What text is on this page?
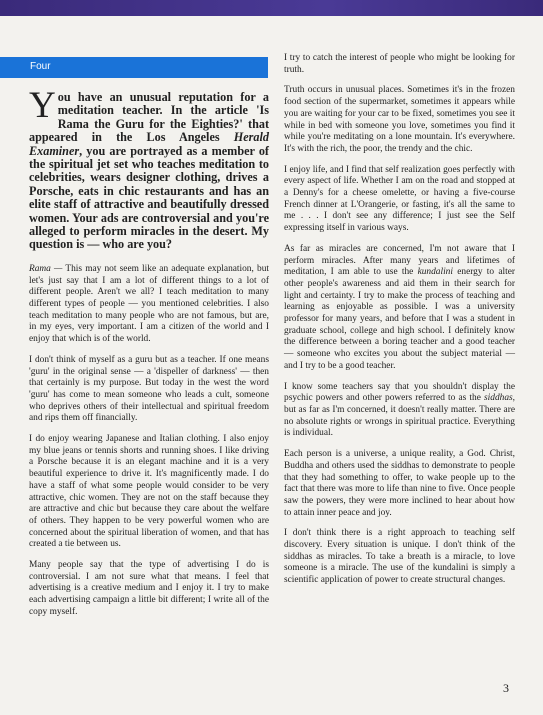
Four

You have an unusual reputation for a meditation teacher. In the article 'Is Rama the Guru for the Eighties?' that appeared in the Los Angeles Herald Examiner, you are portrayed as a member of the spiritual jet set who teaches meditation to celebrities, wears designer clothing, drives a Porsche, eats in chic restaurants and has an elite staff of attractive and beautifully dressed women. Your ads are controversial and you're alleged to perform miracles in the desert. My question is — who are you?

Rama — This may not seem like an adequate explanation, but let's just say that I am a lot of different things to a lot of different people. Aren't we all? I teach meditation to many different types of people — you mentioned celebrities. I also teach meditation to many people who are not famous, but are, in my eyes, very important. I am a citizen of the world and I enjoy that which is of the world.

I don't think of myself as a guru but as a teacher. If one means 'guru' in the original sense — a 'dispeller of darkness' — then that certainly is my purpose. But today in the west the word 'guru' has come to mean someone who leads a cult, someone who deprives others of their intellectual and spiritual freedom and rips them off financially.

I do enjoy wearing Japanese and Italian clothing. I also enjoy my blue jeans or tennis shorts and running shoes. I like driving a Porsche because it is an elegant machine and it is a very beautiful experience to drive it. It's magnificently made. I do have a staff of what some people would consider to be very attractive, chic women. They are not on the staff because they are attractive and chic but because they care about the welfare of others. They happen to be very powerful women who are concerned about the spiritual liberation of women, and that has created a tie between us.

Many people say that the type of advertising I do is controversial. I am not sure what that means. I feel that advertising is a creative medium and I enjoy it. I try to make each advertising campaign a little bit different; I write all of the copy myself.

I try to catch the interest of people who might be looking for truth.

Truth occurs in unusual places. Sometimes it's in the frozen food section of the supermarket, sometimes it appears while you are waiting for your car to be fixed, sometimes you see it while in bed with someone you love, sometimes you find it while you're meditating on a lone mountain. It's everywhere. It's with the rich, the poor, the trendy and the chic.

I enjoy life, and I find that self realization goes perfectly with every aspect of life. Whether I am on the road and stopped at a Denny's for a cheese omelette, or having a five-course French dinner at L'Orangerie, or fasting, it's all the same to me . . . I don't see any difference; I just see the Self expressing itself in various ways.

As far as miracles are concerned, I'm not aware that I perform miracles. After many years and lifetimes of meditation, I am able to use the kundalini energy to alter other people's awareness and aid them in their search for light and certainty. I try to make the process of teaching and learning as enjoyable as possible. I was a university professor for many years, and before that I was a student in graduate school, college and high school. I definitely know the difference between a boring teacher and a good teacher — someone who excites you about the subject material — and I try to be a good teacher.

I know some teachers say that you shouldn't display the psychic powers and other powers referred to as the siddhas, but as far as I'm concerned, it doesn't really matter. There are no absolute rights or wrongs in spiritual practice. Everything is individual.

Each person is a universe, a unique reality, a God. Christ, Buddha and others used the siddhas to demonstrate to people that they had something to offer, to wake people up to the fact that there was more to life than nine to five. Once people saw the powers, they were more inclined to hear about how to attain inner peace and joy.

I don't think there is a right approach to teaching self discovery. Every situation is unique. I don't think of the siddhas as miracles. To take a breath is a miracle, to love someone is a miracle. The use of the kundalini is simply a scientific application of power to create structural changes.

3
